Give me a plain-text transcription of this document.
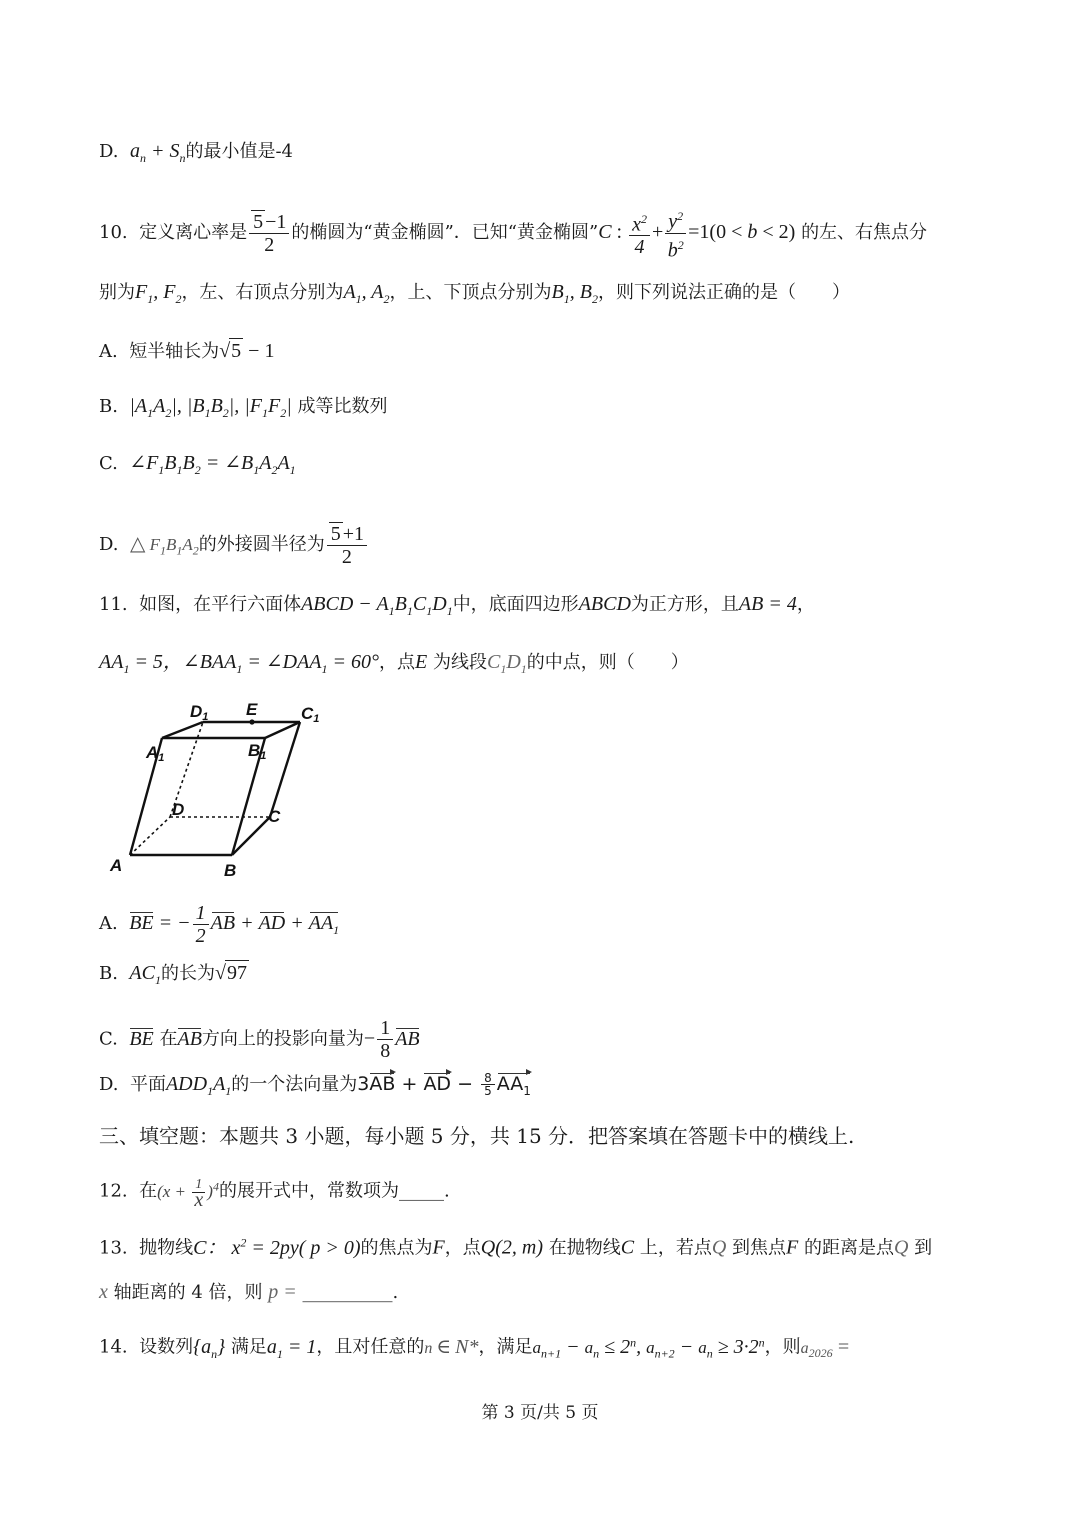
D. $a_n + S_n$的最小值是-4
10. 定义离心率是 $\frac{5 -1}{2}$ 的椭圆为“黄金椭圆”．已知“黄金椭圆”C : $\frac{x^2}{4} + \frac{y^2}{b^2} =1(0 < b < 2)$ 的左、右焦点分
别为$F_1$, $F_2$，左、右顶点分别为$A_1$, $A_2$，上、下顶点分别为$B_1$, $B_2$，则下列说法正确的是（　　）
A. 短半轴长为√5 − 1
B. $|A_1A_2|$, $|B_1B_2|$, $|F_1F_2|$ 成等比数列
C. $\angle F_1B_1B_2$ = $\angle B_1A_2A_1$
D. △ $F_1B_1A_2$的外接圆半径为 $\frac{5 +1}{2}$
11. 如图，在平行六面体ABCD − $A_1B_1C_1D_1$中，底面四边形ABCD为正方形，且AB = 4，
$AA_1 = 5$，$\angle BAA_1$ = $\angle DAA_1 = 60^\circ$，点E 为线段$C_1D_1$的中点，则（　　）
D1 E	C1
A1	B1
D	C
A	B
A. BE = − $\frac{1}{2}$ AB + AD + $AA_1$
B. $AC_1$的长为√97
C. BE 在AB方向上的投影向量为− $\frac{1}{8}$ AB
D. 平面$ADD_1A_1$的一个法向量为3AB + AD − $\frac{8}{5} AA_1$
三、填空题：本题共 3 小题，每小题 5 分，共 15 分．把答案填在答题卡中的横线上.
12. 在$(x + \frac{1}{x} )^4$的展开式中，常数项为_____.
13. 抛物线C： $x^2 = 2py$( p > 0)的焦点为F，点Q(2, m) 在抛物线C 上，若点Q 到焦点F 的距离是点Q 到
x 轴距离的 4 倍，则 p = __________.
14. 设数列$\{a_n\}$ 满足$a_1 = 1$，且对任意的n ∈ N*，满足$a_{n+1} - a_n \le 2^n$, $a_{n+2} - a_n \ge 3\cdot 2^n$，则$a_{2026}$ =
第 3 页/共 5 页
